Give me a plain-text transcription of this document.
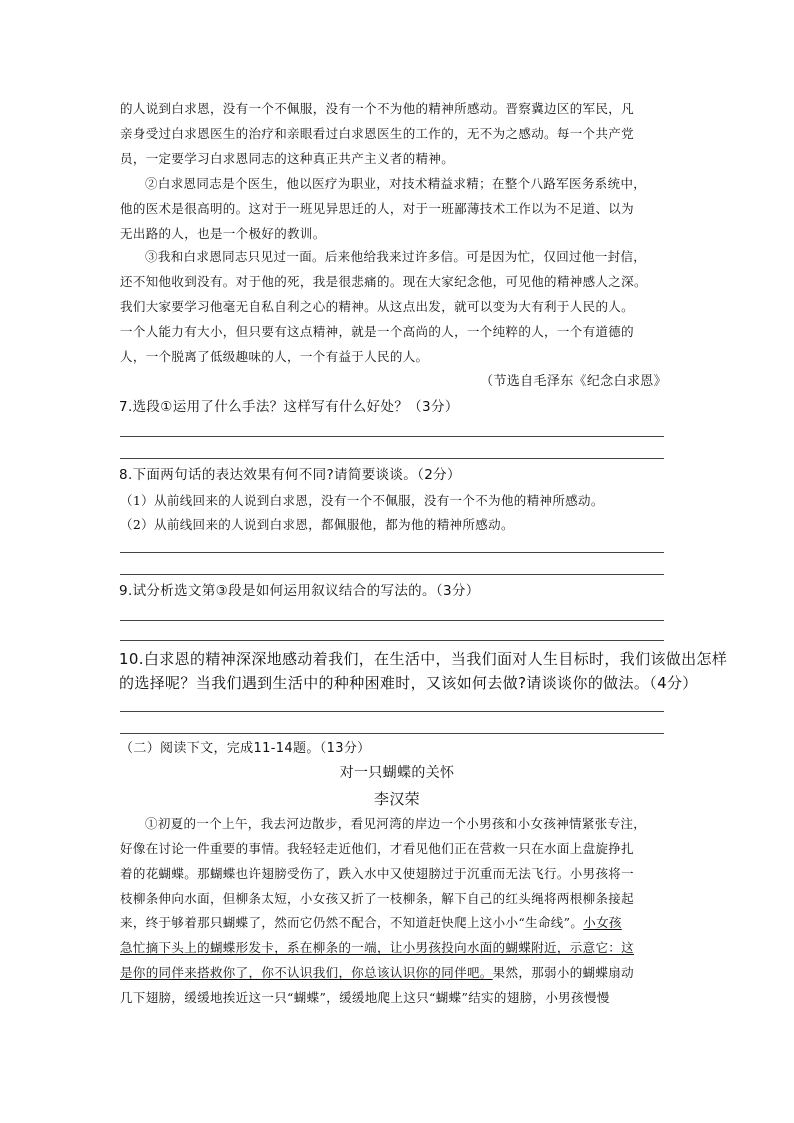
的人说到白求恩，没有一个不佩服，没有一个不为他的精神所感动。晋察冀边区的军民，凡
亲身受过白求恩医生的治疗和亲眼看过白求恩医生的工作的，无不为之感动。每一个共产党
员，一定要学习白求恩同志的这种真正共产主义者的精神。
②白求恩同志是个医生，他以医疗为职业，对技术精益求精；在整个八路军医务系统中，
他的医术是很高明的。这对于一班见异思迁的人，对于一班鄙薄技术工作以为不足道、以为
无出路的人，也是一个极好的教训。
③我和白求恩同志只见过一面。后来他给我来过许多信。可是因为忙，仅回过他一封信，
还不知他收到没有。对于他的死，我是很悲痛的。现在大家纪念他，可见他的精神感人之深。
我们大家要学习他毫无自私自利之心的精神。从这点出发，就可以变为大有利于人民的人。
一个人能力有大小，但只要有这点精神，就是一个高尚的人，一个纯粹的人，一个有道德的
人，一个脱离了低级趣味的人，一个有益于人民的人。
（节选自毛泽东《纪念白求恩》
7.选段①运用了什么手法？这样写有什么好处？（3分）
8.下面两句话的表达效果有何不同?请简要谈谈。（2分）
（1）从前线回来的人说到白求恩，没有一个不佩服，没有一个不为他的精神所感动。
（2）从前线回来的人说到白求恩，都佩服他，都为他的精神所感动。
9.试分析选文第③段是如何运用叙议结合的写法的。（3分）
10.白求恩的精神深深地感动着我们，在生活中，当我们面对人生目标时，我们该做出怎样
的选择呢？当我们遇到生活中的种种困难时，又该如何去做?请谈谈你的做法。（4分）
（二）阅读下文，完成11-14题。（13分）
对一只蝴蝶的关怀
李汉荣
①初夏的一个上午，我去河边散步，看见河湾的岸边一个小男孩和小女孩神情紧张专注，
好像在讨论一件重要的事情。我轻轻走近他们，才看见他们正在营救一只在水面上盘旋挣扎
着的花蝴蝶。那蝴蝶也许翅膀受伤了，跌入水中又使翅膀过于沉重而无法飞行。小男孩将一
枝柳条伸向水面，但柳条太短，小女孩又折了一枝柳条，解下自己的红头绳将两根柳条接起
来，终于够着那只蝴蝶了，然而它仍然不配合，不知道赶快爬上这小小“生命线”。小女孩
急忙摘下头上的蝴蝶形发卡，系在柳条的一端，让小男孩投向水面的蝴蝶附近，示意它：这
是你的同伴来搭救你了，你不认识我们，你总该认识你的同伴吧。果然，那弱小的蝴蝶扇动
几下翅膀，缓缓地挨近这一只“蝴蝶”，缓缓地爬上这只“蝴蝶”结实的翅膀，小男孩慢慢
